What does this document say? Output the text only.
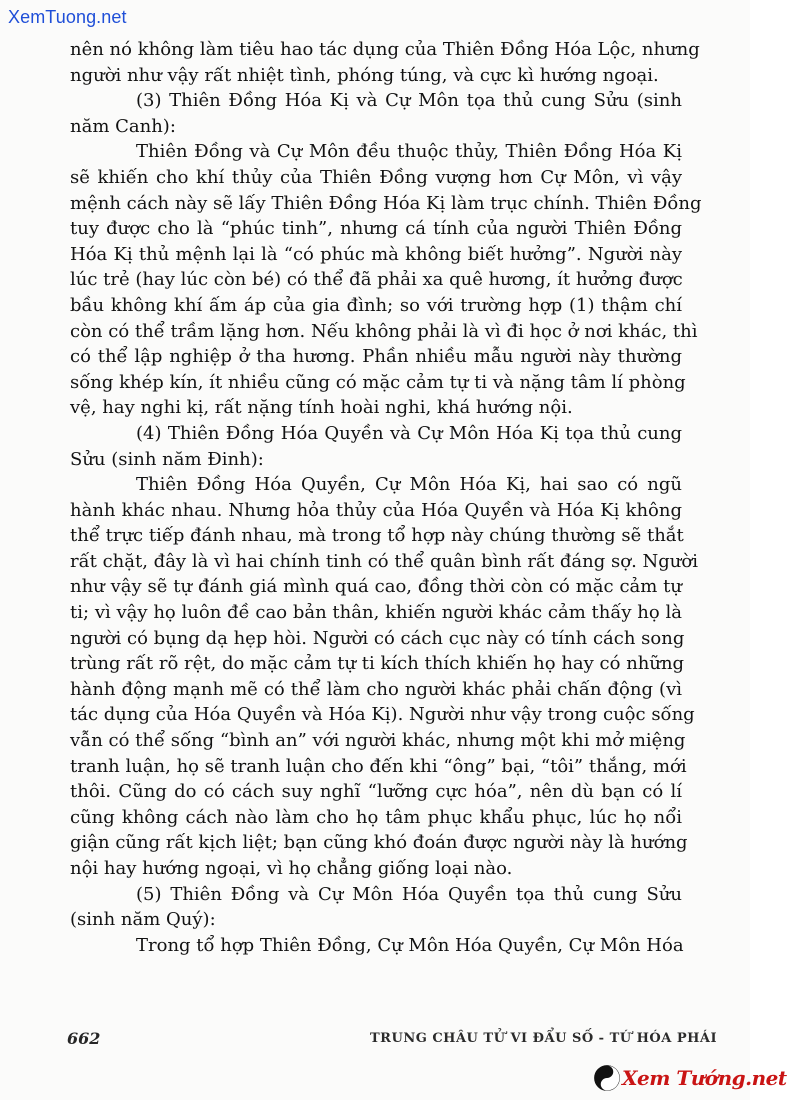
XemTuong.net
nên nó không làm tiêu hao tác dụng của Thiên Đồng Hóa Lộc, nhưng
người như vậy rất nhiệt tình, phóng túng, và cực kì hướng ngoại.
(3) Thiên Đồng Hóa Kị và Cự Môn tọa thủ cung Sửu (sinh
năm Canh):
Thiên Đồng và Cự Môn đều thuộc thủy, Thiên Đồng Hóa Kị
sẽ khiến cho khí thủy của Thiên Đồng vượng hơn Cự Môn, vì vậy
mệnh cách này sẽ lấy Thiên Đồng Hóa Kị làm trục chính. Thiên Đồng
tuy được cho là “phúc tinh”, nhưng cá tính của người Thiên Đồng
Hóa Kị thủ mệnh lại là “có phúc mà không biết hưởng”. Người này
lúc trẻ (hay lúc còn bé) có thể đã phải xa quê hương, ít hưởng được
bầu không khí ấm áp của gia đình; so với trường hợp (1) thậm chí
còn có thể trầm lặng hơn. Nếu không phải là vì đi học ở nơi khác, thì
có thể lập nghiệp ở tha hương. Phần nhiều mẫu người này thường
sống khép kín, ít nhiều cũng có mặc cảm tự ti và nặng tâm lí phòng
vệ, hay nghi kị, rất nặng tính hoài nghi, khá hướng nội.
(4) Thiên Đồng Hóa Quyền và Cự Môn Hóa Kị tọa thủ cung
Sửu (sinh năm Đinh):
Thiên Đồng Hóa Quyền, Cự Môn Hóa Kị, hai sao có ngũ
hành khác nhau. Nhưng hỏa thủy của Hóa Quyền và Hóa Kị không
thể trực tiếp đánh nhau, mà trong tổ hợp này chúng thường sẽ thắt
rất chặt, đây là vì hai chính tinh có thể quân bình rất đáng sợ. Người
như vậy sẽ tự đánh giá mình quá cao, đồng thời còn có mặc cảm tự
ti; vì vậy họ luôn đề cao bản thân, khiến người khác cảm thấy họ là
người có bụng dạ hẹp hòi. Người có cách cục này có tính cách song
trùng rất rõ rệt, do mặc cảm tự ti kích thích khiến họ hay có những
hành động mạnh mẽ có thể làm cho người khác phải chấn động (vì
tác dụng của Hóa Quyền và Hóa Kị). Người như vậy trong cuộc sống
vẫn có thể sống “bình an” với người khác, nhưng một khi mở miệng
tranh luận, họ sẽ tranh luận cho đến khi “ông” bại, “tôi” thắng, mới
thôi. Cũng do có cách suy nghĩ “lưỡng cực hóa”, nên dù bạn có lí
cũng không cách nào làm cho họ tâm phục khẩu phục, lúc họ nổi
giận cũng rất kịch liệt; bạn cũng khó đoán được người này là hướng
nội hay hướng ngoại, vì họ chẳng giống loại nào.
(5) Thiên Đồng và Cự Môn Hóa Quyền tọa thủ cung Sửu
(sinh năm Quý):
Trong tổ hợp Thiên Đồng, Cự Môn Hóa Quyền, Cự Môn Hóa
662	TRUNG CHÂU TỬ VI ĐẨU SỐ - TỨ HÓA PHÁI
Xem Tướng.net
